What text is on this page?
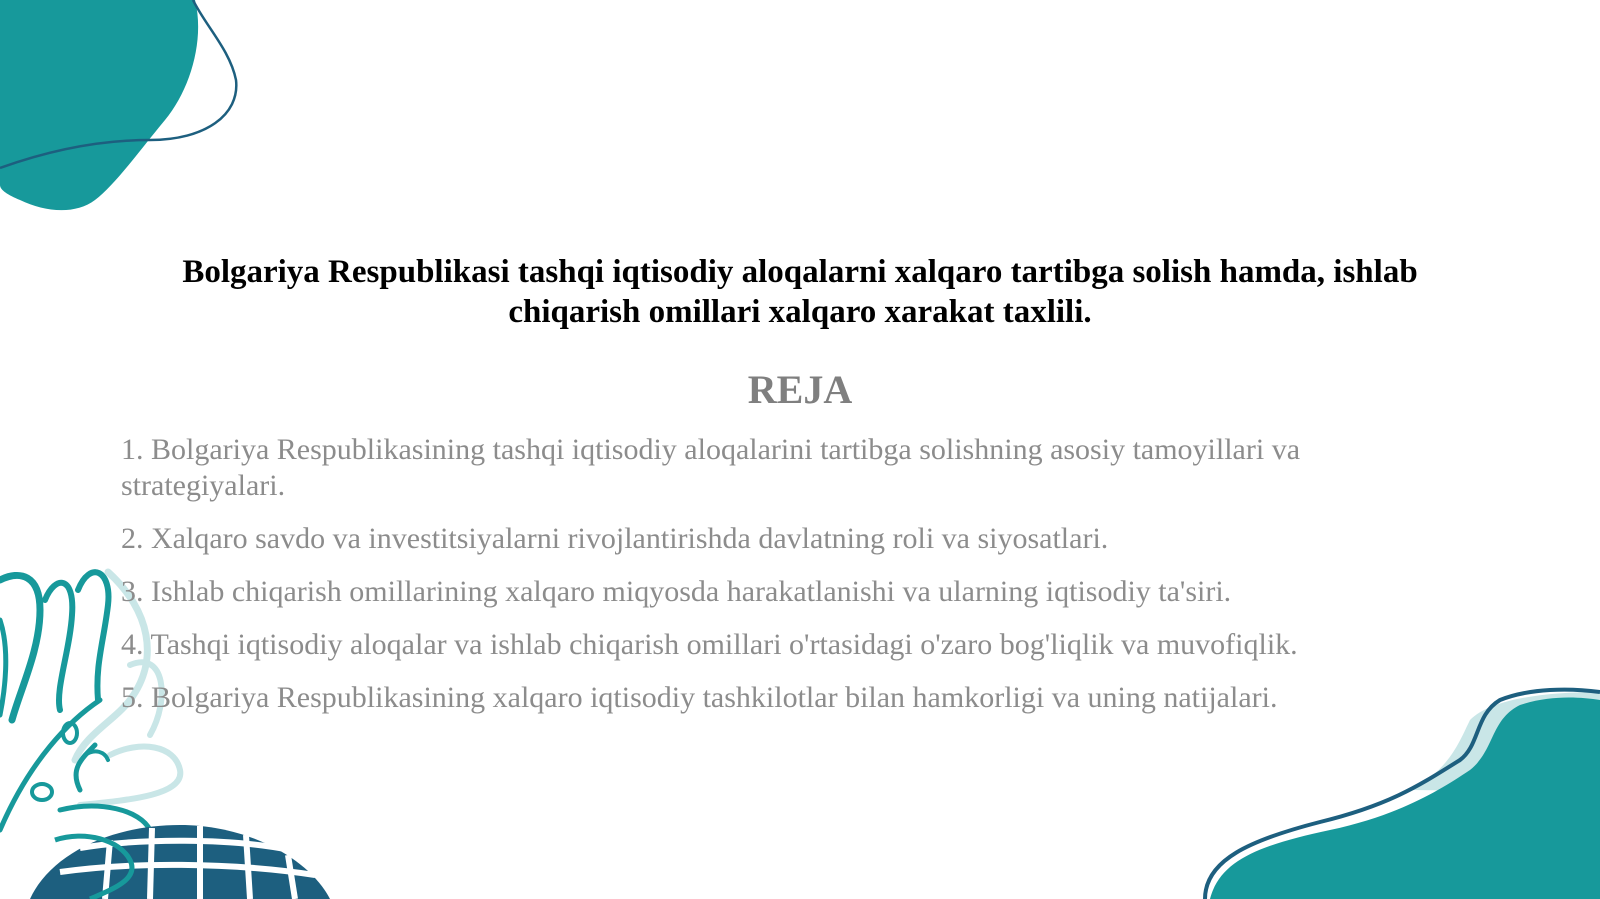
Bolgariya Respublikasi tashqi iqtisodiy aloqalarni xalqaro tartibga solish hamda, ishlab chiqarish omillari xalqaro xarakat taxlili.
REJA
1. Bolgariya Respublikasining tashqi iqtisodiy aloqalarini tartibga solishning asosiy tamoyillari va strategiyalari.
2. Xalqaro savdo va investitsiyalarni rivojlantirishda davlatning roli va siyosatlari.
3. Ishlab chiqarish omillarining xalqaro miqyosda harakatlanishi va ularning iqtisodiy ta'siri.
4. Tashqi iqtisodiy aloqalar va ishlab chiqarish omillari o'rtasidagi o'zaro bog'liqlik va muvofiqlik.
5. Bolgariya Respublikasining xalqaro iqtisodiy tashkilotlar bilan hamkorligi va uning natijalari.
